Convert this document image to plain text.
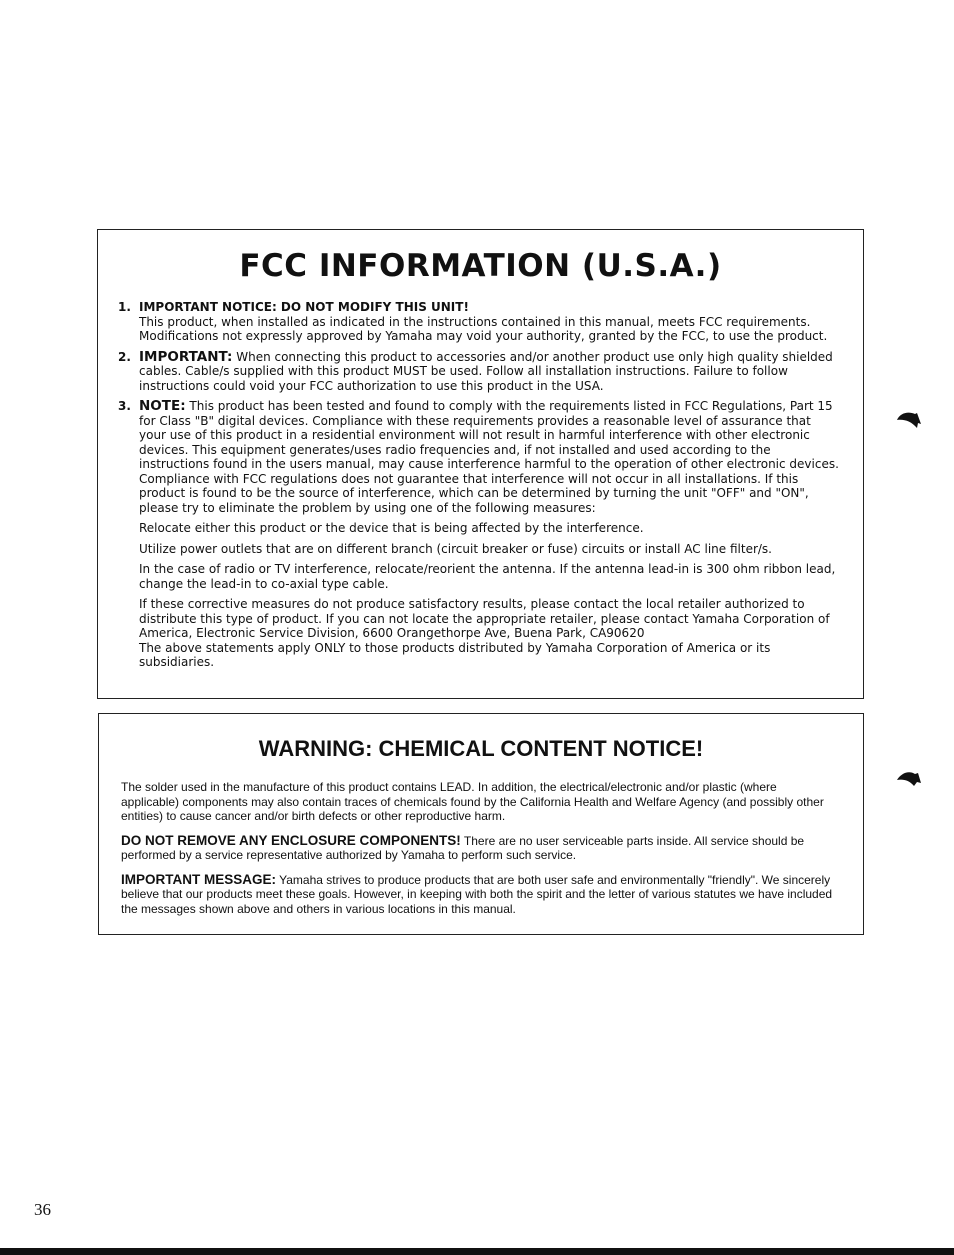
FCC INFORMATION (U.S.A.)
1. IMPORTANT NOTICE: DO NOT MODIFY THIS UNIT!
This product, when installed as indicated in the instructions contained in this manual, meets FCC requirements. Modifications not expressly approved by Yamaha may void your authority, granted by the FCC, to use the product.
2. IMPORTANT: When connecting this product to accessories and/or another product use only high quality shielded cables. Cable/s supplied with this product MUST be used. Follow all installation instructions. Failure to follow instructions could void your FCC authorization to use this product in the USA.
3. NOTE: This product has been tested and found to comply with the requirements listed in FCC Regulations, Part 15 for Class "B" digital devices. Compliance with these requirements provides a reasonable level of assurance that your use of this product in a residential environment will not result in harmful interference with other electronic devices. This equipment generates/uses radio frequencies and, if not installed and used according to the instructions found in the users manual, may cause interference harmful to the operation of other electronic devices. Compliance with FCC regulations does not guarantee that interference will not occur in all installations. If this product is found to be the source of interference, which can be determined by turning the unit "OFF" and "ON", please try to eliminate the problem by using one of the following measures:

Relocate either this product or the device that is being affected by the interference.

Utilize power outlets that are on different branch (circuit breaker or fuse) circuits or install AC line filter/s.

In the case of radio or TV interference, relocate/reorient the antenna. If the antenna lead-in is 300 ohm ribbon lead, change the lead-in to co-axial type cable.

If these corrective measures do not produce satisfactory results, please contact the local retailer authorized to distribute this type of product. If you can not locate the appropriate retailer, please contact Yamaha Corporation of America, Electronic Service Division, 6600 Orangethorpe Ave, Buena Park, CA90620

The above statements apply ONLY to those products distributed by Yamaha Corporation of America or its subsidiaries.

WARNING: CHEMICAL CONTENT NOTICE!

The solder used in the manufacture of this product contains LEAD. In addition, the electrical/electronic and/or plastic (where applicable) components may also contain traces of chemicals found by the California Health and Welfare Agency (and possibly other entities) to cause cancer and/or birth defects or other reproductive harm.

DO NOT REMOVE ANY ENCLOSURE COMPONENTS! There are no user serviceable parts inside. All service should be performed by a service representative authorized by Yamaha to perform such service.

IMPORTANT MESSAGE: Yamaha strives to produce products that are both user safe and environmentally "friendly". We sincerely believe that our products meet these goals. However, in keeping with both the spirit and the letter of various statutes we have included the messages shown above and others in various locations in this manual.

36
